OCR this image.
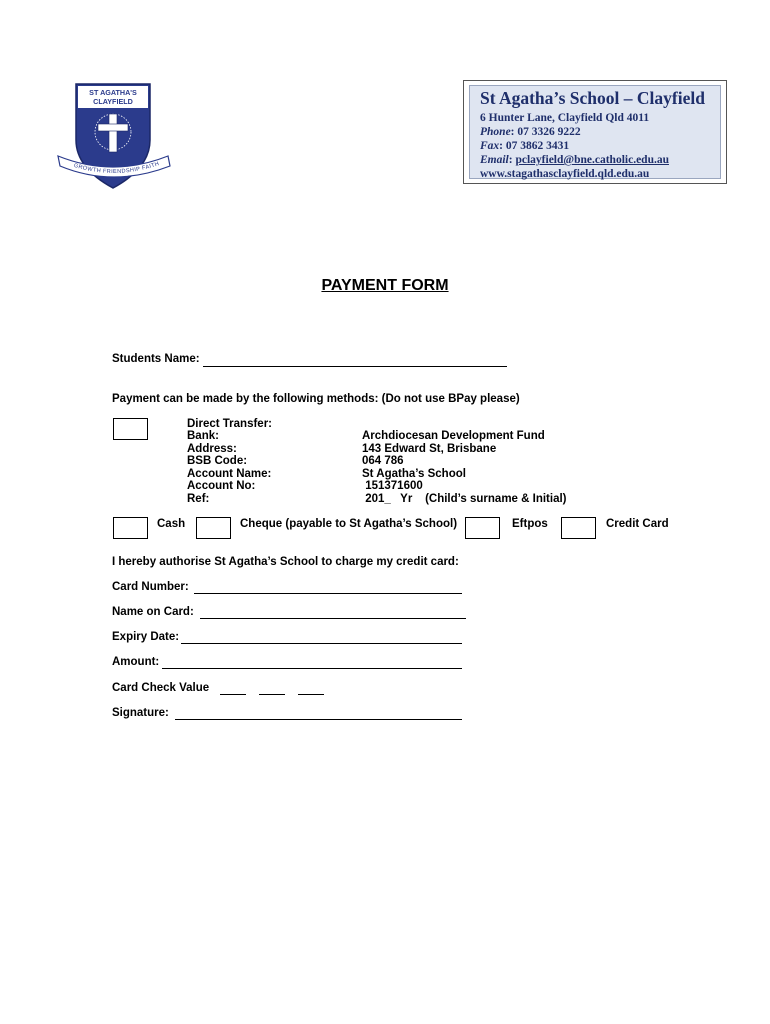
ST AGATHA'S
CLAYFIELD
GROWTH FRIENDSHIP FAITH
St Agatha’s School – Clayfield
6 Hunter Lane, Clayfield Qld 4011
Phone: 07 3326 9222
Fax: 07 3862 3431
Email: pclayfield@bne.catholic.edu.au
www.stagathasclayfield.qld.edu.au
PAYMENT FORM
Students Name:
Payment can be made by the following methods: (Do not use BPay please)
Direct Transfer:
Bank:	Archdiocesan Development Fund
Address:	143 Edward St, Brisbane
BSB Code:	064 786
Account Name:	St Agatha’s School
Account No:	151371600
Ref:	201_   Yr    (Child’s surname & Initial)
Cash	Cheque (payable to St Agatha’s School)	Eftpos	Credit Card
I hereby authorise St Agatha’s School to charge my credit card:
Card Number:
Name on Card:
Expiry Date:
Amount:
Card Check Value
Signature:
